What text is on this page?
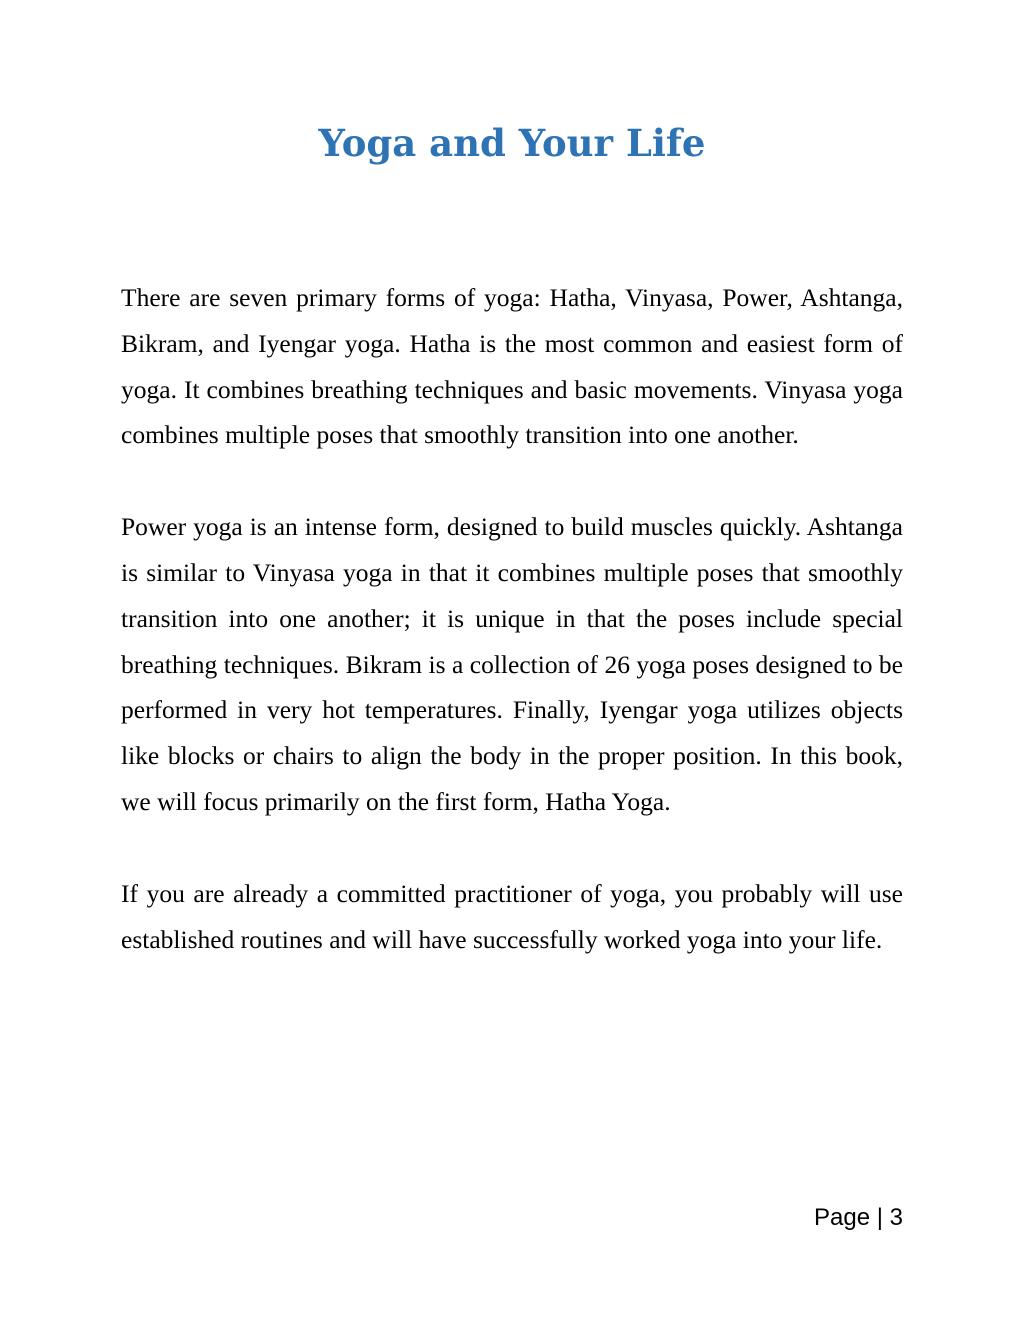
Yoga and Your Life

There are seven primary forms of yoga: Hatha, Vinyasa, Power, Ashtanga, Bikram, and Iyengar yoga. Hatha is the most common and easiest form of yoga. It combines breathing techniques and basic movements. Vinyasa yoga combines multiple poses that smoothly transition into one another.

Power yoga is an intense form, designed to build muscles quickly. Ashtanga is similar to Vinyasa yoga in that it combines multiple poses that smoothly transition into one another; it is unique in that the poses include special breathing techniques. Bikram is a collection of 26 yoga poses designed to be performed in very hot temperatures. Finally, Iyengar yoga utilizes objects like blocks or chairs to align the body in the proper position. In this book, we will focus primarily on the first form, Hatha Yoga.

If you are already a committed practitioner of yoga, you probably will use established routines and will have successfully worked yoga into your life.

Page | 3
